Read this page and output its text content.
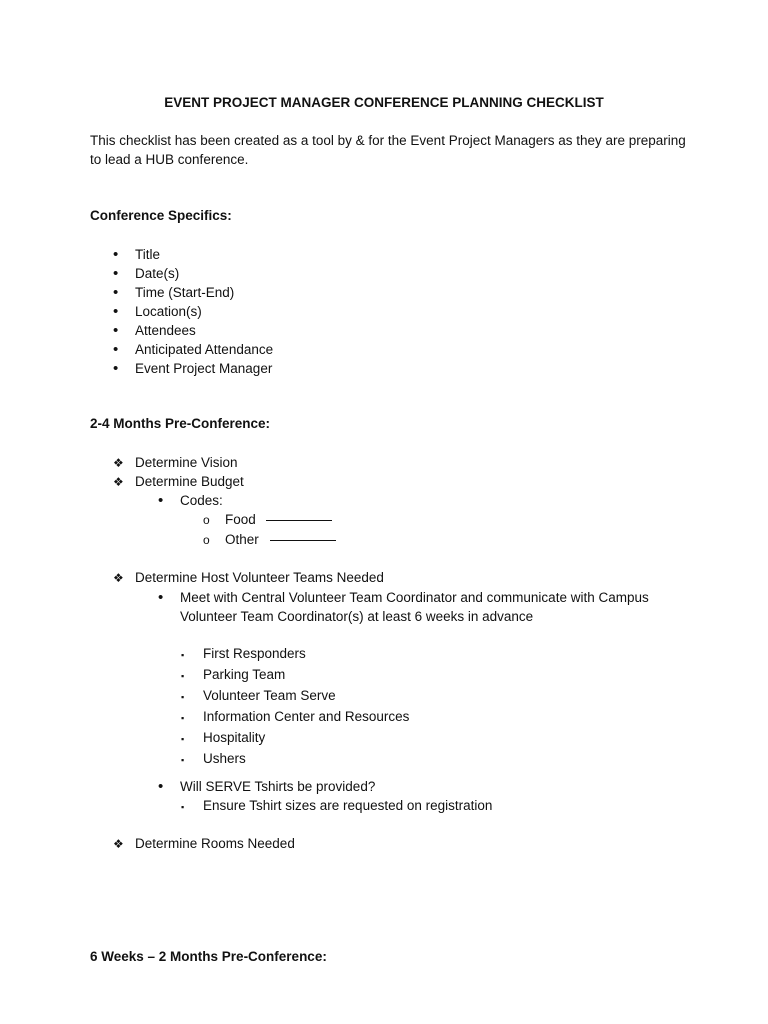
EVENT PROJECT MANAGER CONFERENCE PLANNING CHECKLIST
This checklist has been created as a tool by & for the Event Project Managers as they are preparing to lead a HUB conference.
Conference Specifics:
•
Title
•
Date(s)
•
Time (Start-End)
•
Location(s)
•
Attendees
•
Anticipated Attendance
•
Event Project Manager
2-4 Months Pre-Conference:
❖ Determine Vision
❖ Determine Budget
•
Codes:
o	Food
o	Other
❖ Determine Host Volunteer Teams Needed
•
Meet with Central Volunteer Team Coordinator and communicate with Campus Volunteer Team Coordinator(s) at least 6 weeks in advance
▪	First Responders
▪	Parking Team
▪	Volunteer Team Serve
▪	Information Center and Resources
▪	Hospitality
▪	Ushers
•
Will SERVE Tshirts be provided?
▪	Ensure Tshirt sizes are requested on registration
❖ Determine Rooms Needed
6 Weeks – 2 Months Pre-Conference:
